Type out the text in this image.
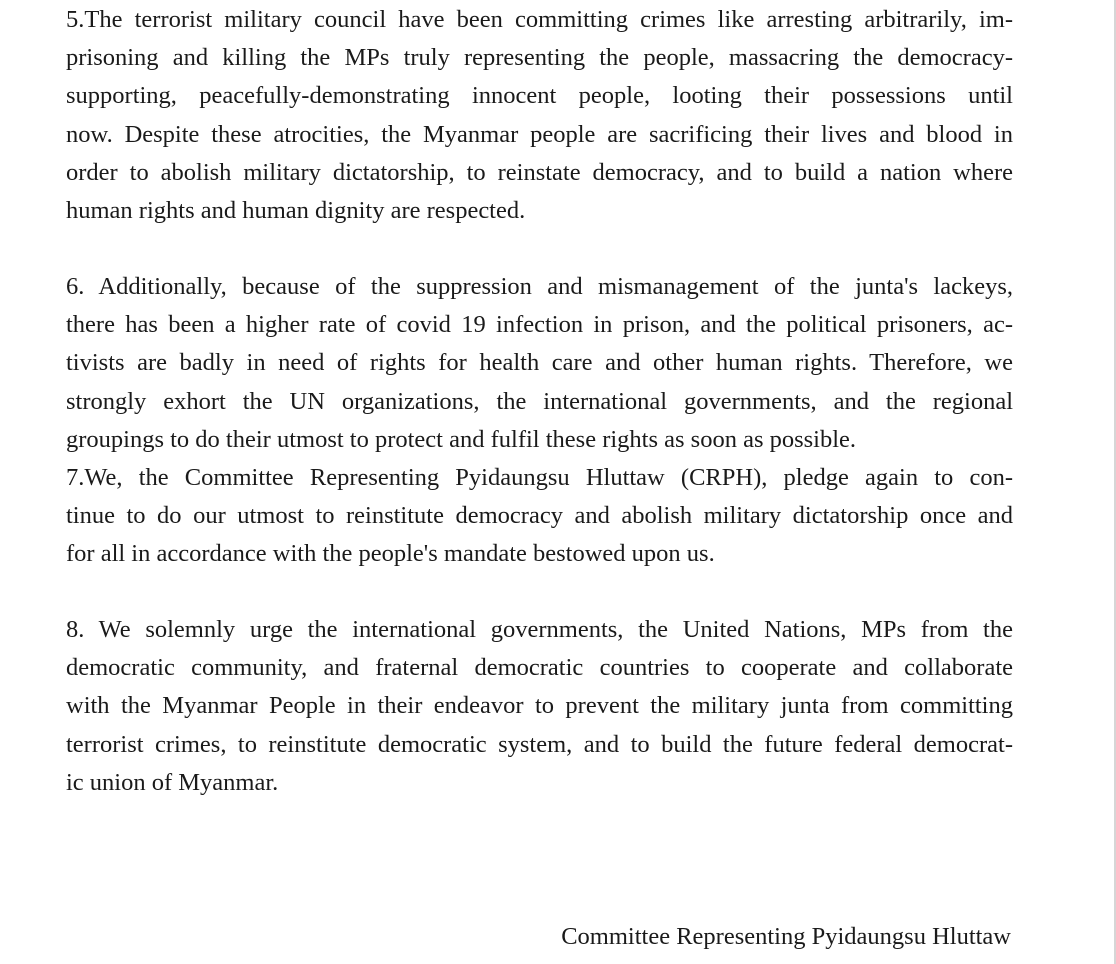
5.The terrorist military council have been committing crimes like arresting arbitrarily, im-
prisoning and killing the MPs truly representing the people, massacring the democracy-
supporting, peacefully-demonstrating innocent people, looting their possessions until
now. Despite these atrocities, the Myanmar people are sacrificing their lives and blood in
order to abolish military dictatorship, to reinstate democracy, and to build a nation where
human rights and human dignity are respected.
6. Additionally, because of the suppression and mismanagement of the junta's lackeys,
there has been a higher rate of covid 19 infection in prison, and the political prisoners, ac-
tivists are badly in need of rights for health care and other human rights. Therefore, we
strongly exhort the UN organizations, the international governments, and the regional
groupings to do their utmost to protect and fulfil these rights as soon as possible.
7.We, the Committee Representing Pyidaungsu Hluttaw (CRPH), pledge again to con-
tinue to do our utmost to reinstitute democracy and abolish military dictatorship once and
for all in accordance with the people's mandate bestowed upon us.
8. We solemnly urge the international governments, the United Nations, MPs from the
democratic community, and fraternal democratic countries to cooperate and collaborate
with the Myanmar People in their endeavor to prevent the military junta from committing
terrorist crimes, to reinstitute democratic system, and to build the future federal democrat-
ic union of Myanmar.
Committee Representing Pyidaungsu Hluttaw
